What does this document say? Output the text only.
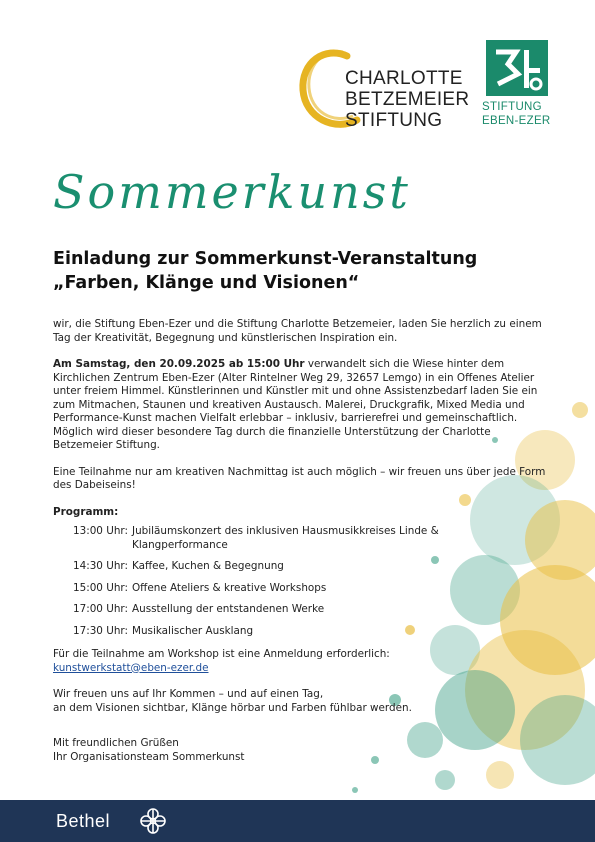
CHARLOTTE
BETZEMEIER
STIFTUNG
STIFTUNG
EBEN-EZER
Sommerkunst
Einladung zur Sommerkunst-Veranstaltung
„Farben, Klänge und Visionen“

wir, die Stiftung Eben-Ezer und die Stiftung Charlotte Betzemeier, laden Sie herzlich zu einem Tag der Kreativität, Begegnung und künstlerischen Inspiration ein.

Am Samstag, den 20.09.2025 ab 15:00 Uhr verwandelt sich die Wiese hinter dem Kirchlichen Zentrum Eben-Ezer (Alter Rintelner Weg 29, 32657 Lemgo) in ein Offenes Atelier unter freiem Himmel. Künstlerinnen und Künstler mit und ohne Assistenzbedarf laden Sie ein zum Mitmachen, Staunen und kreativen Austausch. Malerei, Druckgrafik, Mixed Media und Performance-Kunst machen Vielfalt erlebbar – inklusiv, barrierefrei und gemeinschaftlich. Möglich wird dieser besondere Tag durch die finanzielle Unterstützung der Charlotte Betzemeier Stiftung.

Eine Teilnahme nur am kreativen Nachmittag ist auch möglich – wir freuen uns über jede Form des Dabeiseins!

Programm:
13:00 Uhr: Jubiläumskonzert des inklusiven Hausmusikkreises Linde & Klangperformance
14:30 Uhr: Kaffee, Kuchen & Begegnung
15:00 Uhr: Offene Ateliers & kreative Workshops
17:00 Uhr: Ausstellung der entstandenen Werke
17:30 Uhr: Musikalischer Ausklang

Für die Teilnahme am Workshop ist eine Anmeldung erforderlich:
kunstwerkstatt@eben-ezer.de

Wir freuen uns auf Ihr Kommen – und auf einen Tag,
an dem Visionen sichtbar, Klänge hörbar und Farben fühlbar werden.

Mit freundlichen Grüßen
Ihr Organisationsteam Sommerkunst

Bethel
